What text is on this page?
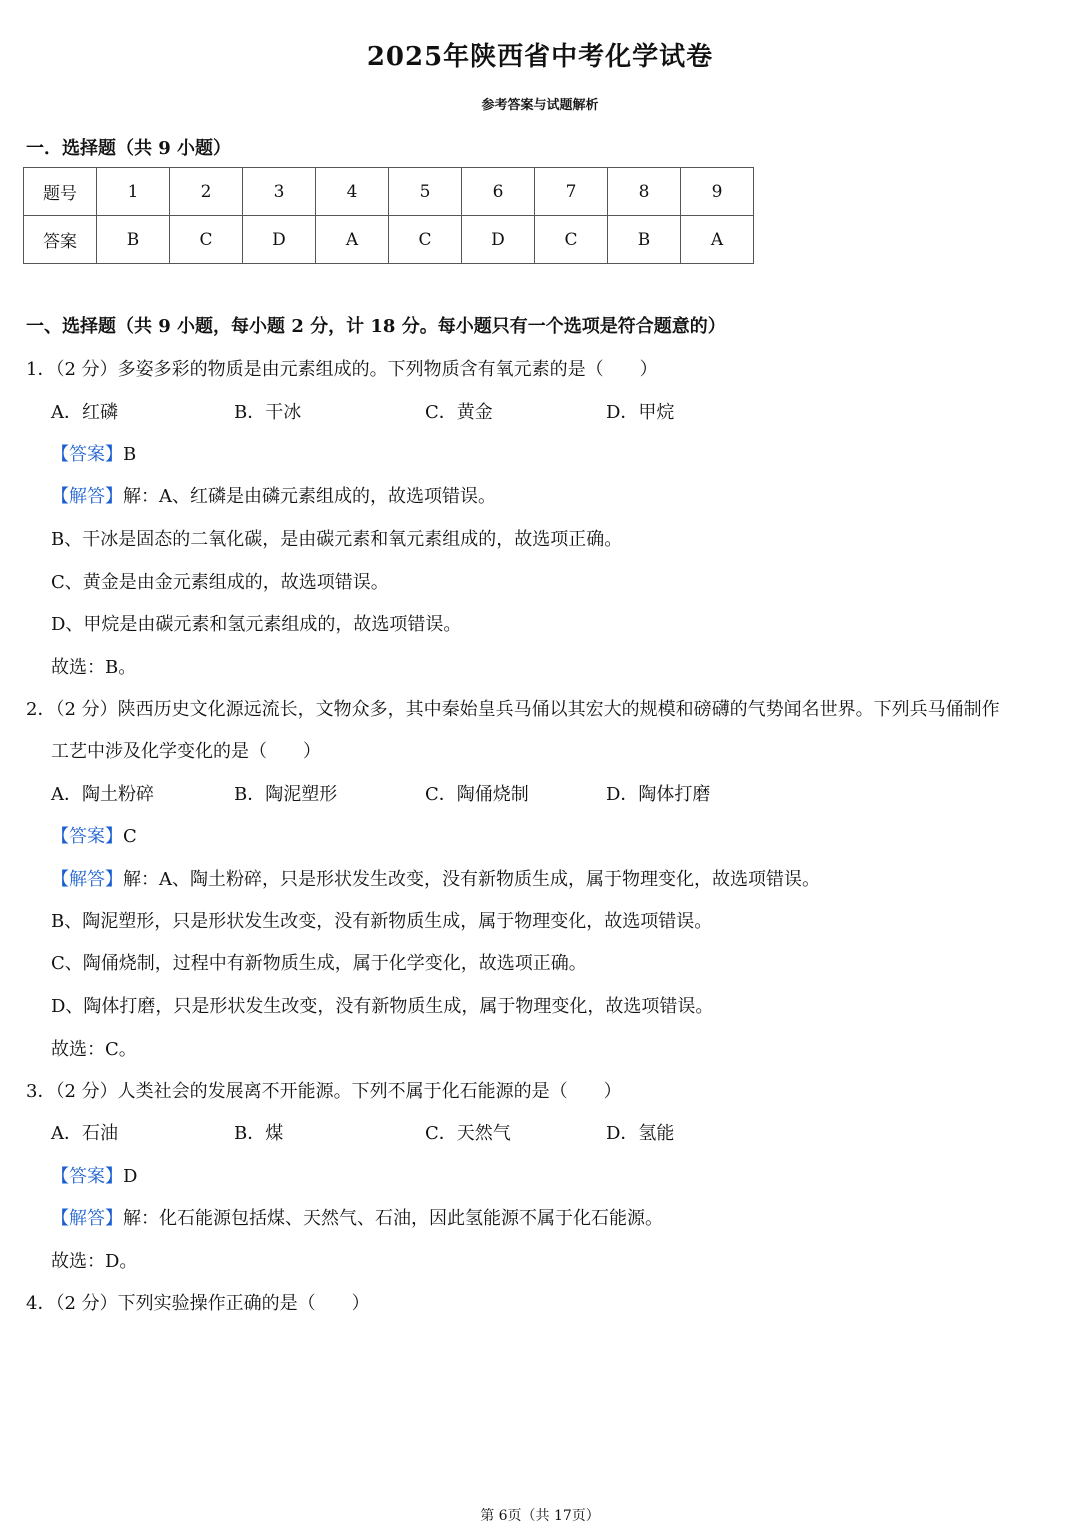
2025年陕西省中考化学试卷
参考答案与试题解析
一．选择题（共 9 小题）
题号	1	2	3	4	5	6	7	8	9
答案	B	C	D	A	C	D	C	B	A
一、选择题（共 9 小题，每小题 2 分，计 18 分。每小题只有一个选项是符合题意的）
1．（2 分）多姿多彩的物质是由元素组成的。下列物质含有氧元素的是（　　）
A．红磷	B．干冰	C．黄金	D．甲烷
【答案】B
【解答】解：A、红磷是由磷元素组成的，故选项错误。
B、干冰是固态的二氧化碳，是由碳元素和氧元素组成的，故选项正确。
C、黄金是由金元素组成的，故选项错误。
D、甲烷是由碳元素和氢元素组成的，故选项错误。
故选：B。
2．（2 分）陕西历史文化源远流长，文物众多，其中秦始皇兵马俑以其宏大的规模和磅礴的气势闻名世界。下列兵马俑制作
工艺中涉及化学变化的是（　　）
A．陶土粉碎	B．陶泥塑形	C．陶俑烧制	D．陶体打磨
【答案】C
【解答】解：A、陶土粉碎，只是形状发生改变，没有新物质生成，属于物理变化，故选项错误。
B、陶泥塑形，只是形状发生改变，没有新物质生成，属于物理变化，故选项错误。
C、陶俑烧制，过程中有新物质生成，属于化学变化，故选项正确。
D、陶体打磨，只是形状发生改变，没有新物质生成，属于物理变化，故选项错误。
故选：C。
3．（2 分）人类社会的发展离不开能源。下列不属于化石能源的是（　　）
A．石油	B．煤	C．天然气	D．氢能
【答案】D
【解答】解：化石能源包括煤、天然气、石油，因此氢能源不属于化石能源。
故选：D。
4．（2 分）下列实验操作正确的是（　　）
第 6页（共 17页）
